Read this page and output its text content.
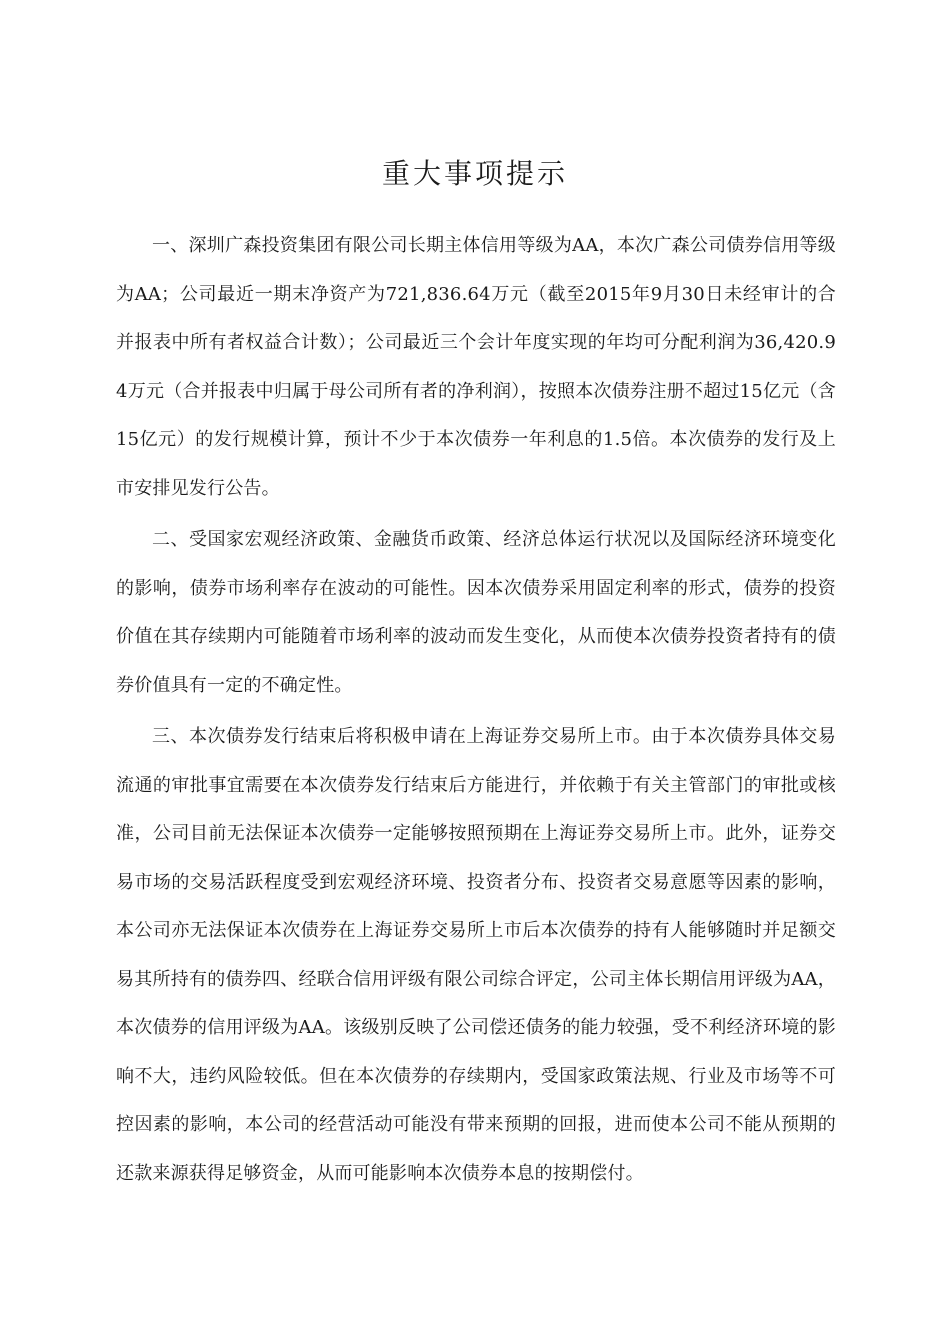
重大事项提示

一、深圳广森投资集团有限公司长期主体信用等级为AA，本次广森公司债券信用等级为AA；公司最近一期末净资产为721,836.64万元（截至2015年9月30日未经审计的合并报表中所有者权益合计数）；公司最近三个会计年度实现的年均可分配利润为36,420.94万元（合并报表中归属于母公司所有者的净利润），按照本次债券注册不超过15亿元（含15亿元）的发行规模计算，预计不少于本次债券一年利息的1.5倍。本次债券的发行及上市安排见发行公告。

二、受国家宏观经济政策、金融货币政策、经济总体运行状况以及国际经济环境变化的影响，债券市场利率存在波动的可能性。因本次债券采用固定利率的形式，债券的投资价值在其存续期内可能随着市场利率的波动而发生变化，从而使本次债券投资者持有的债券价值具有一定的不确定性。

三、本次债券发行结束后将积极申请在上海证券交易所上市。由于本次债券具体交易流通的审批事宜需要在本次债券发行结束后方能进行，并依赖于有关主管部门的审批或核准，公司目前无法保证本次债券一定能够按照预期在上海证券交易所上市。此外，证券交易市场的交易活跃程度受到宏观经济环境、投资者分布、投资者交易意愿等因素的影响，本公司亦无法保证本次债券在上海证券交易所上市后本次债券的持有人能够随时并足额交易其所持有的债券四、经联合信用评级有限公司综合评定，公司主体长期信用评级为AA，本次债券的信用评级为AA。该级别反映了公司偿还债务的能力较强，受不利经济环境的影响不大，违约风险较低。但在本次债券的存续期内，受国家政策法规、行业及市场等不可控因素的影响，本公司的经营活动可能没有带来预期的回报，进而使本公司不能从预期的还款来源获得足够资金，从而可能影响本次债券本息的按期偿付。
